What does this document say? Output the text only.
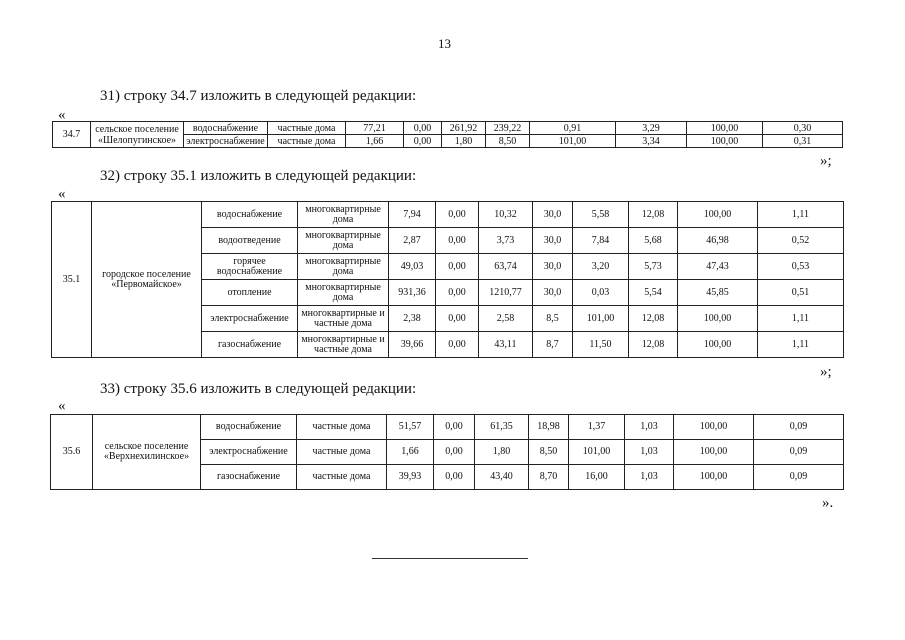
13
31) строку 34.7 изложить в следующей редакции:
«
34.7	сельское поселение «Шелопугинское»	водоснабжение	частные дома	77,21	0,00	261,92	239,22	0,91	3,29	100,00	0,30
		электроснабжение	частные дома	1,66	0,00	1,80	8,50	101,00	3,34	100,00	0,31
»;
32) строку 35.1 изложить в следующей редакции:
«
35.1	городское поселение «Первомайское»	водоснабжение	многоквартирные дома	7,94	0,00	10,32	30,0	5,58	12,08	100,00	1,11
		водоотведение	многоквартирные дома	2,87	0,00	3,73	30,0	7,84	5,68	46,98	0,52
		горячее водоснабжение	многоквартирные дома	49,03	0,00	63,74	30,0	3,20	5,73	47,43	0,53
		отопление	многоквартирные дома	931,36	0,00	1210,77	30,0	0,03	5,54	45,85	0,51
		электроснабжение	многоквартирные и частные дома	2,38	0,00	2,58	8,5	101,00	12,08	100,00	1,11
		газоснабжение	многоквартирные и частные дома	39,66	0,00	43,11	8,7	11,50	12,08	100,00	1,11
»;
33) строку 35.6 изложить в следующей редакции:
«
35.6	сельское поселение «Верхнехилинское»	водоснабжение	частные дома	51,57	0,00	61,35	18,98	1,37	1,03	100,00	0,09
		электроснабжение	частные дома	1,66	0,00	1,80	8,50	101,00	1,03	100,00	0,09
		газоснабжение	частные дома	39,93	0,00	43,40	8,70	16,00	1,03	100,00	0,09
».
